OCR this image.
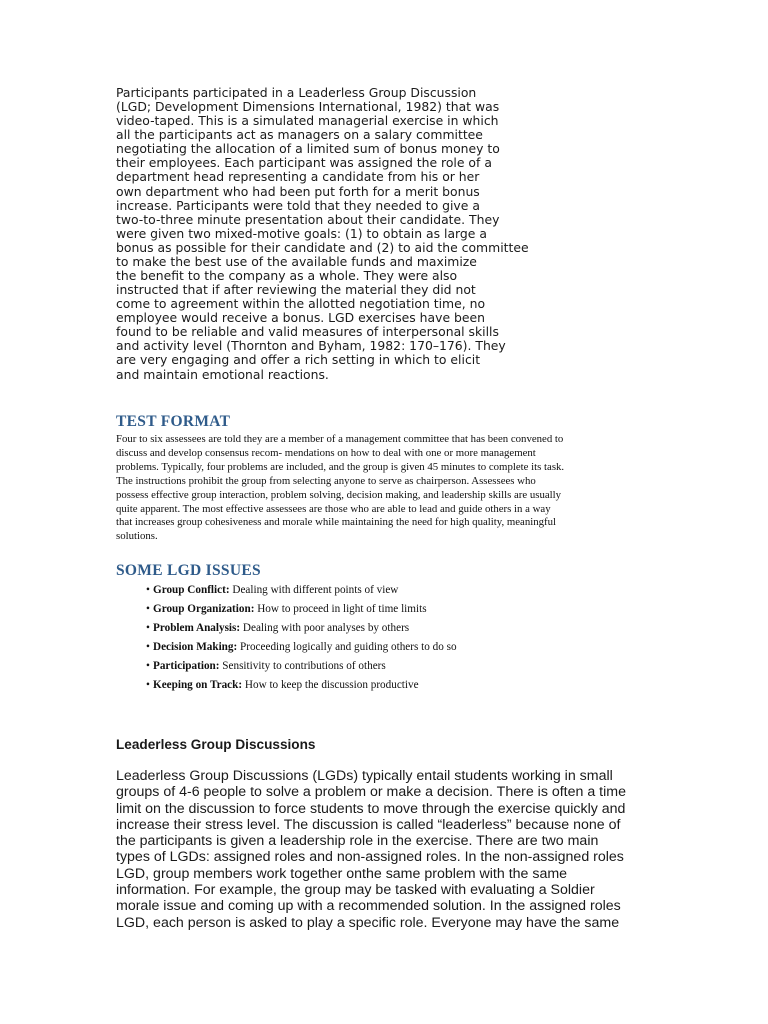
Participants participated in a Leaderless Group Discussion
(LGD; Development Dimensions International, 1982) that was
video-taped. This is a simulated managerial exercise in which
all the participants act as managers on a salary committee
negotiating the allocation of a limited sum of bonus money to
their employees. Each participant was assigned the role of a
department head representing a candidate from his or her
own department who had been put forth for a merit bonus
increase. Participants were told that they needed to give a
two-to-three minute presentation about their candidate. They
were given two mixed-motive goals: (1) to obtain as large a
bonus as possible for their candidate and (2) to aid the committee
to make the best use of the available funds and maximize
the benefit to the company as a whole. They were also
instructed that if after reviewing the material they did not
come to agreement within the allotted negotiation time, no
employee would receive a bonus. LGD exercises have been
found to be reliable and valid measures of interpersonal skills
and activity level (Thornton and Byham, 1982: 170–176). They
are very engaging and offer a rich setting in which to elicit
and maintain emotional reactions.
TEST FORMAT
Four to six assessees are told they are a member of a management committee that has been convened to
discuss and develop consensus recom- mendations on how to deal with one or more management
problems. Typically, four problems are included, and the group is given 45 minutes to complete its task.
The instructions prohibit the group from selecting anyone to serve as chairperson. Assessees who
possess effective group interaction, problem solving, decision making, and leadership skills are usually
quite apparent. The most effective assessees are those who are able to lead and guide others in a way
that increases group cohesiveness and morale while maintaining the need for high quality, meaningful
solutions.
SOME LGD ISSUES
• Group Conflict: Dealing with different points of view
• Group Organization: How to proceed in light of time limits
• Problem Analysis: Dealing with poor analyses by others
• Decision Making: Proceeding logically and guiding others to do so
• Participation: Sensitivity to contributions of others
• Keeping on Track: How to keep the discussion productive
Leaderless Group Discussions
Leaderless Group Discussions (LGDs) typically entail students working in small
groups of 4-6 people to solve a problem or make a decision. There is often a time
limit on the discussion to force students to move through the exercise quickly and
increase their stress level. The discussion is called “leaderless” because none of
the participants is given a leadership role in the exercise. There are two main
types of LGDs: assigned roles and non-assigned roles. In the non-assigned roles
LGD, group members work together onthe same problem with the same
information. For example, the group may be tasked with evaluating a Soldier
morale issue and coming up with a recommended solution. In the assigned roles
LGD, each person is asked to play a specific role. Everyone may have the same
